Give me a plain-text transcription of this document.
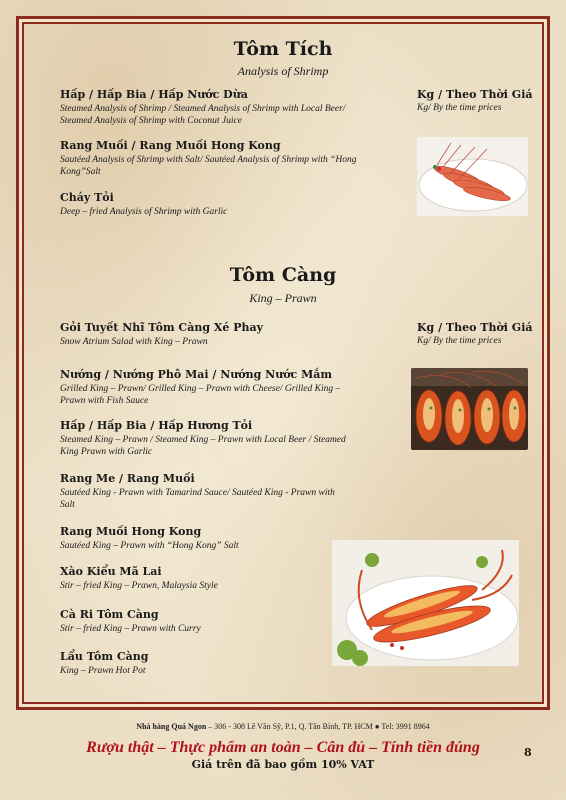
Tôm Tích
Analysis of Shrimp
Kg / Theo Thời Giá
Kg/ By the time prices
Hấp / Hấp Bia / Hấp Nước Dừa
Steamed Analysis of Shrimp / Steamed Analysis of Shrimp with Local Beer/
Steamed Analysis of Shrimp with Coconut Juice
Rang Muối / Rang Muối Hong Kong
Sautéed Analysis of Shrimp with Salt/ Sautéed Analysis of Shrimp with “Hong
Kong”Salt
Cháy Tỏi
Deep – fried Analysis of Shrimp with Garlic
Tôm Càng
King – Prawn
Kg / Theo Thời Giá
Kg/ By the time prices
Gỏi Tuyết Nhĩ Tôm Càng Xé Phay
Snow Atrium Salad with King – Prawn
Nướng / Nướng Phô Mai / Nướng Nước Mắm
Grilled King – Prawn/ Grilled King – Prawn with Cheese/ Grilled King –
Prawn with Fish Sauce
Hấp / Hấp Bia / Hấp Hương Tỏi
Steamed King – Prawn / Steamed King – Prawn with Local Beer / Steamed
King Prawn with Garlic
Rang Me / Rang Muối
Sautéed King - Prawn with Tamarind Sauce/ Sautéed King - Prawn with
Salt
Rang Muối Hong Kong
Sautéed King – Prawn with “Hong Kong” Salt
Xào Kiểu Mã Lai
Stir – fried King – Prawn, Malaysia Style
Cà Ri Tôm Càng
Stir – fried King – Prawn with Curry
Lẩu Tôm Càng
King – Prawn Hot Pot
Nhà hàng Quá Ngon – 306 - 308 Lê Văn Sỹ, P.1, Q. Tân Bình, TP. HCM ● Tel: 3991 8964
Rượu thật – Thực phẩm an toàn – Cân đủ – Tính tiền đúng
Giá trên đã bao gồm 10% VAT
8
